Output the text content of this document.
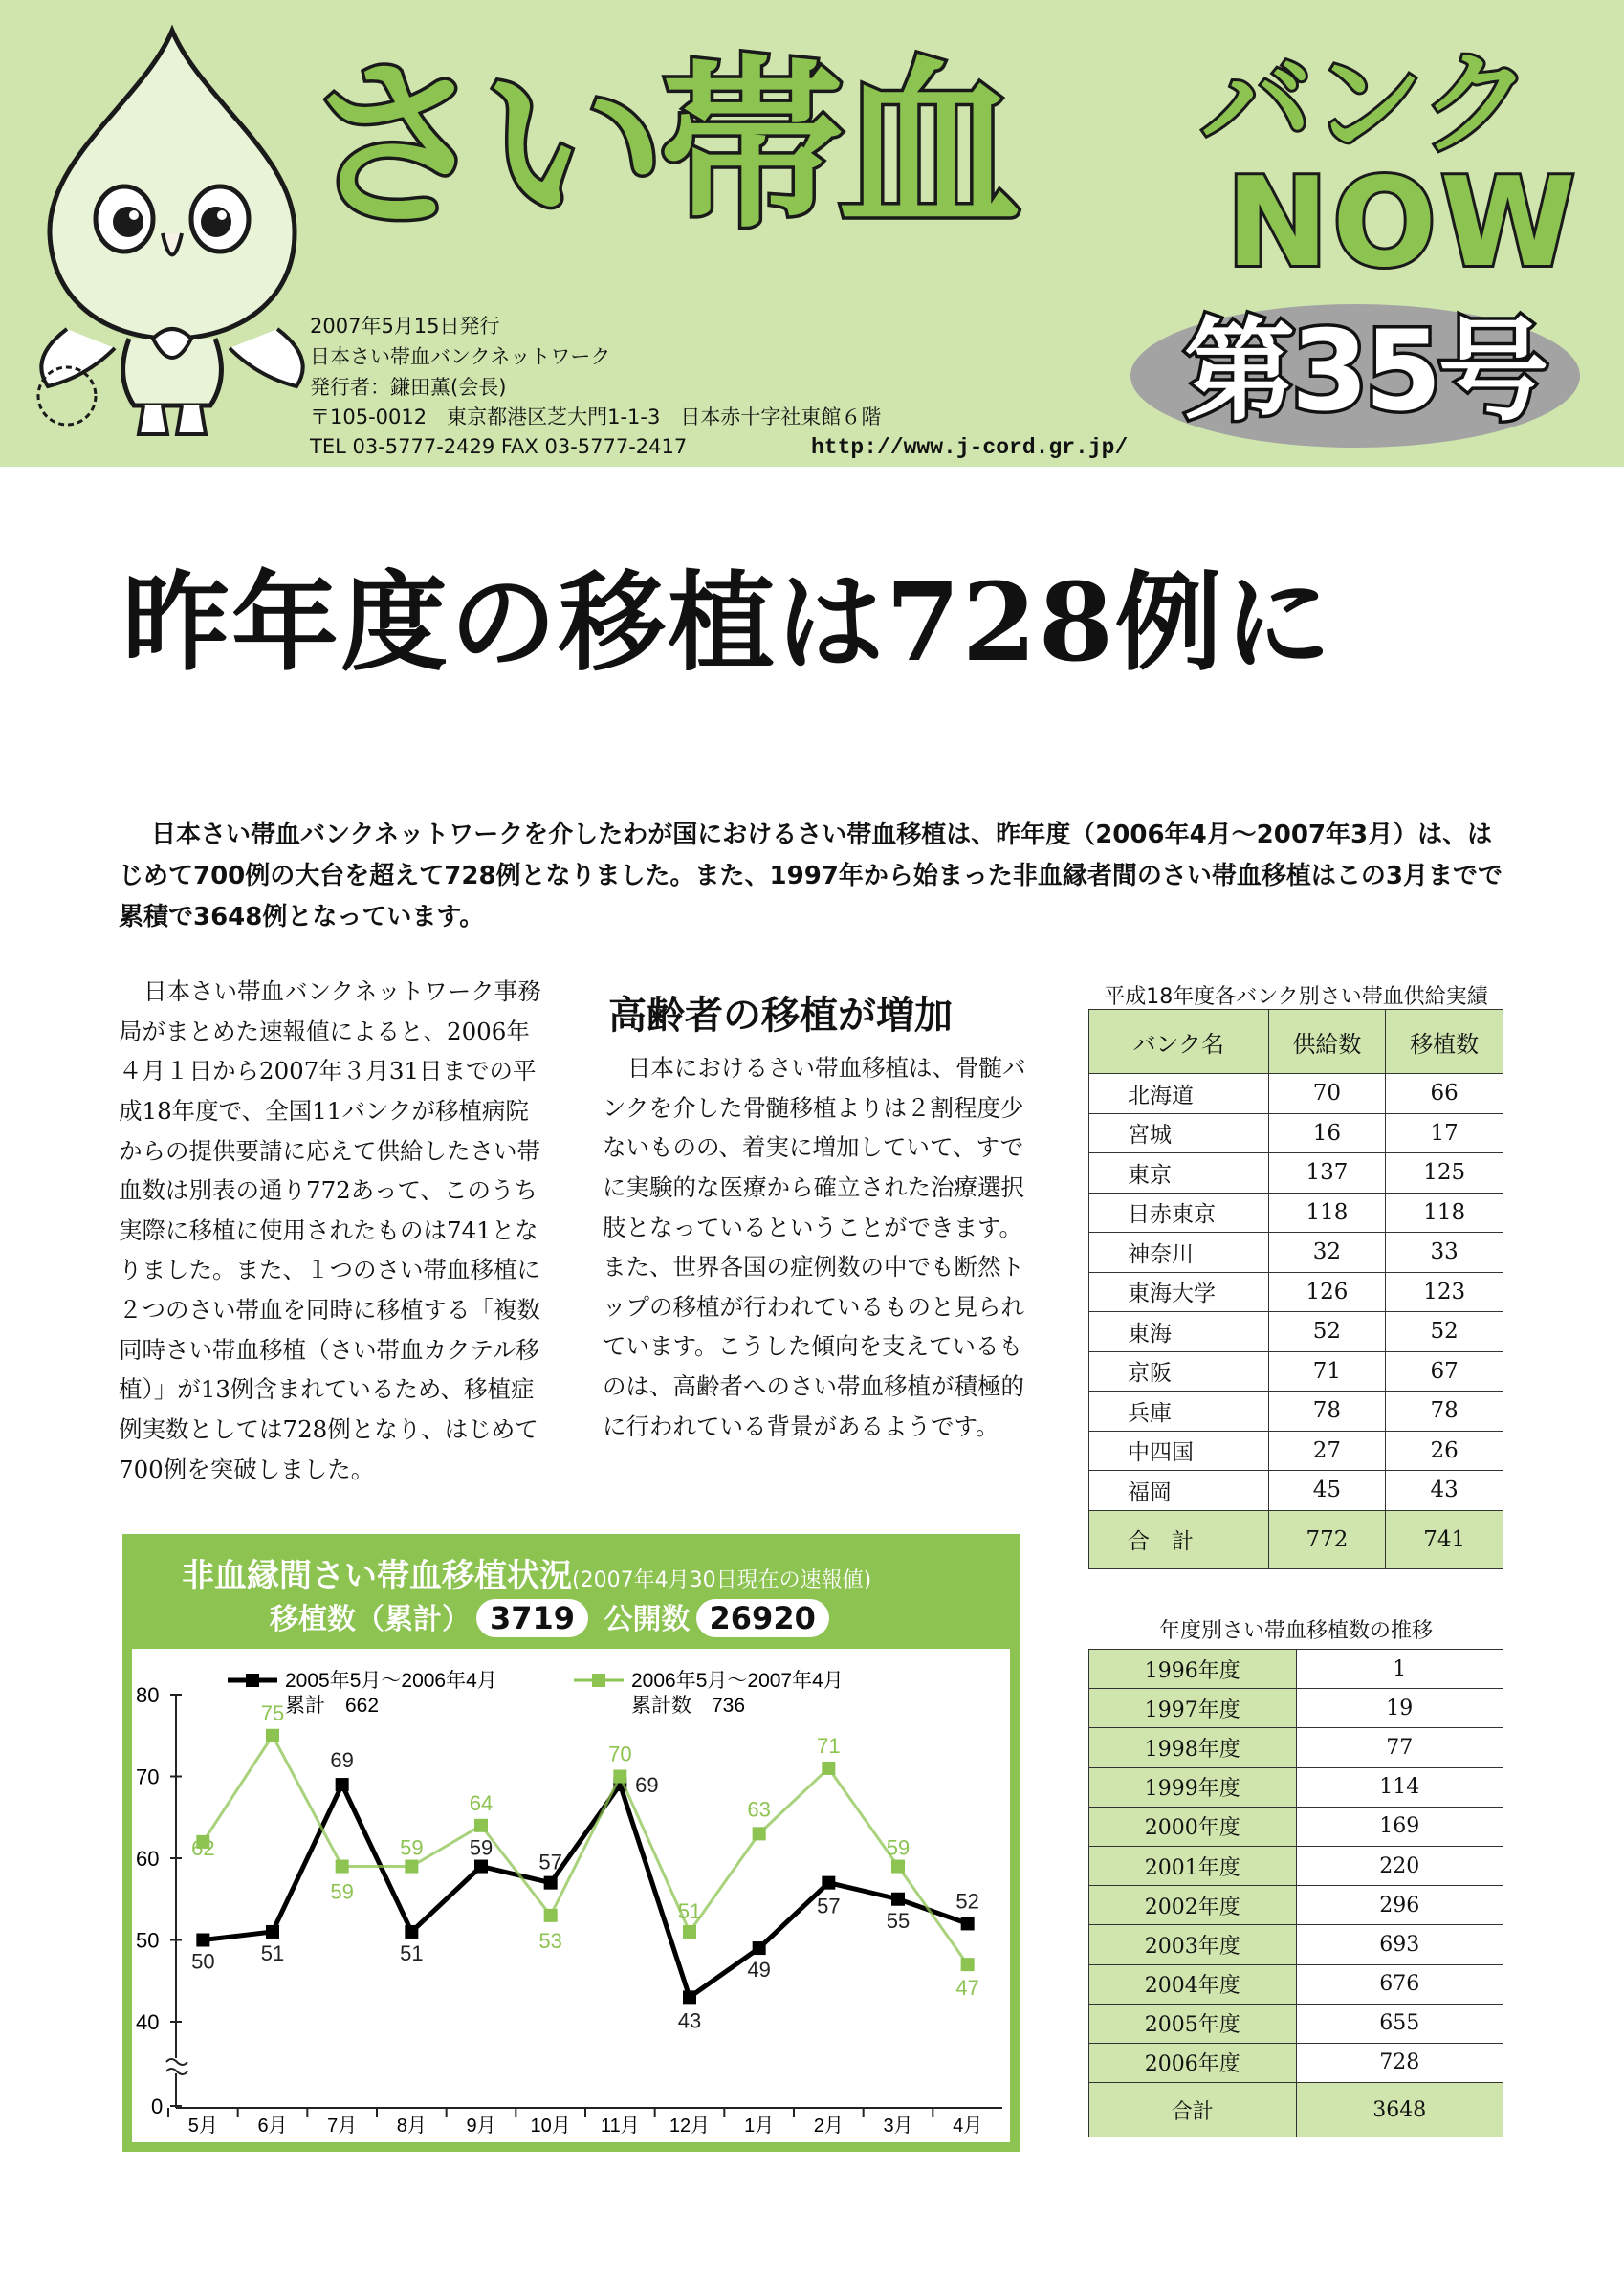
さい帯血 バンク
NOW
第35号
2007年5月15日発行
日本さい帯血バンクネットワーク
発行者：鎌田薫(会長)
〒105-0012　東京都港区芝大門1-1-3　日本赤十字社東館６階
TEL 03-5777-2429 FAX 03-5777-2417	http://www.j-cord.gr.jp/
昨年度の移植は728例に
日本さい帯血バンクネットワークを介したわが国におけるさい帯血移植は、昨年度（2006年4月～2007年3月）は、はじめて700例の大台を超えて728例となりました。また、1997年から始まった非血縁者間のさい帯血移植はこの3月までで累積で3648例となっています。
日本さい帯血バンクネットワーク事務局がまとめた速報値によると、2006年４月１日から2007年３月31日までの平成18年度で、全国11バンクが移植病院からの提供要請に応えて供給したさい帯血数は別表の通り772あって、このうち実際に移植に使用されたものは741となりました。また、１つのさい帯血移植に２つのさい帯血を同時に移植する「複数同時さい帯血移植（さい帯血カクテル移植）」が13例含まれているため、移植症例実数としては728例となり、はじめて700例を突破しました。
高齢者の移植が増加
日本におけるさい帯血移植は、骨髄バンクを介した骨髄移植よりは２割程度少ないものの、着実に増加していて、すでに実験的な医療から確立された治療選択肢となっているということができます。また、世界各国の症例数の中でも断然トップの移植が行われているものと見られています。こうした傾向を支えているものは、高齢者へのさい帯血移植が積極的に行われている背景があるようです。
平成18年度各バンク別さい帯血供給実績
バンク名	供給数	移植数
北海道	70	66
宮城	16	17
東京	137	125
日赤東京	118	118
神奈川	32	33
東海大学	126	123
東海	52	52
京阪	71	67
兵庫	78	78
中四国	27	26
福岡	45	43
合　計	772	741
年度別さい帯血移植数の推移
1996年度	1
1997年度	19
1998年度	77
1999年度	114
2000年度	169
2001年度	220
2002年度	296
2003年度	693
2004年度	676
2005年度	655
2006年度	728
合計	3648
非血縁間さい帯血移植状況(2007年4月30日現在の速報値)
移植数（累計） 3719 公開数 26920
80
70
60
50
40
0
5月 6月 7月 8月 9月 10月 11月 12月 1月 2月 3月 4月
50 51
69
51
59
57
69
43
49
57
55
52
62
75
59
59
64
53
70
51
63
71
59
47
2005年5月～2006年4月
累計　662
2006年5月～2007年4月
累計数　736
